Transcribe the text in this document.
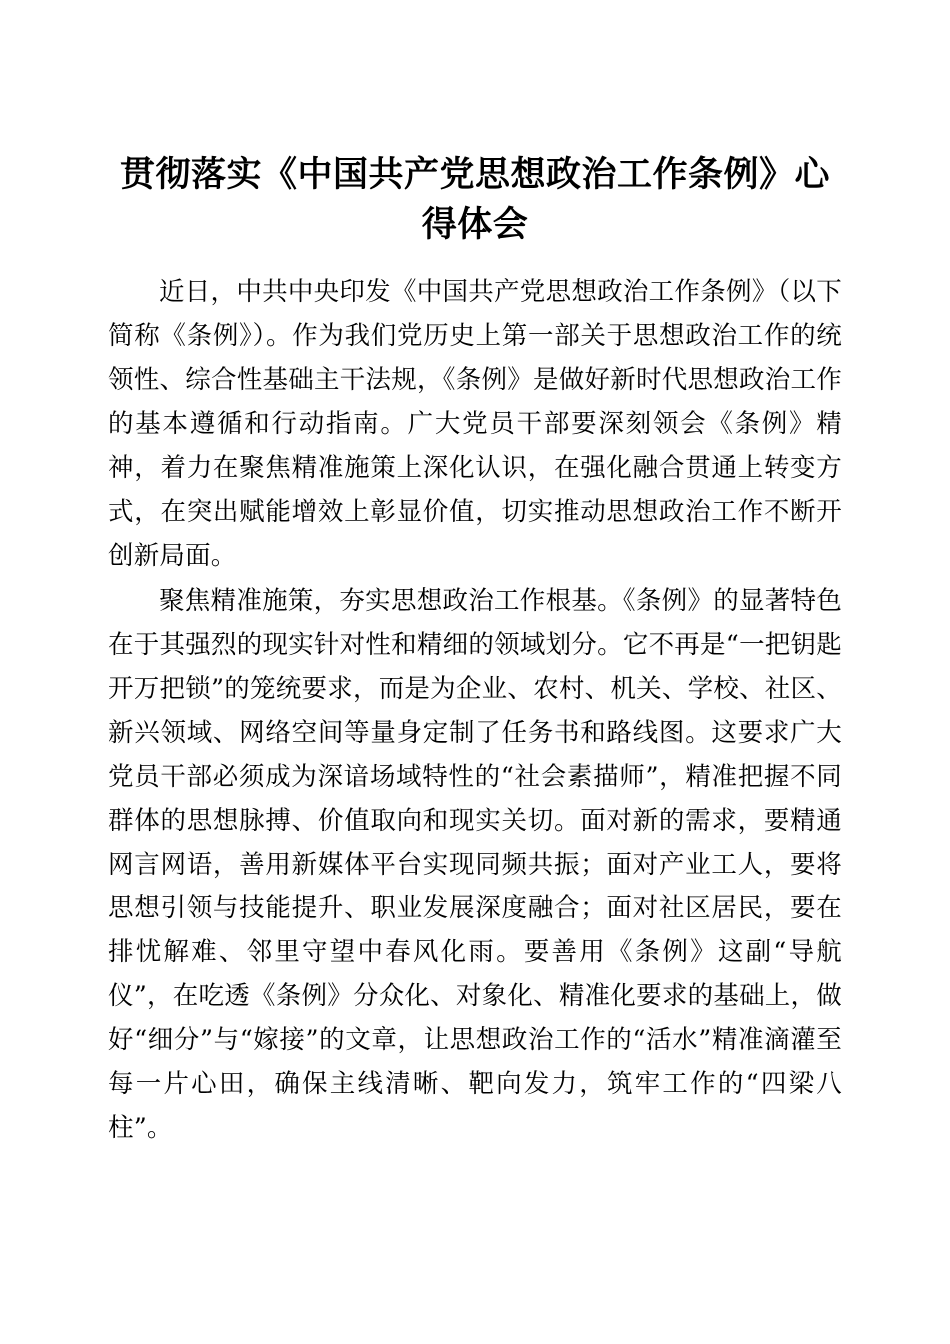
贯彻落实《中国共产党思想政治工作条例》心得体会

近日，中共中央印发《中国共产党思想政治工作条例》（以下简称《条例》）。作为我们党历史上第一部关于思想政治工作的统领性、综合性基础主干法规，《条例》是做好新时代思想政治工作的基本遵循和行动指南。广大党员干部要深刻领会《条例》精神，着力在聚焦精准施策上深化认识，在强化融合贯通上转变方式，在突出赋能增效上彰显价值，切实推动思想政治工作不断开创新局面。

聚焦精准施策，夯实思想政治工作根基。《条例》的显著特色在于其强烈的现实针对性和精细的领域划分。它不再是“一把钥匙开万把锁”的笼统要求，而是为企业、农村、机关、学校、社区、新兴领域、网络空间等量身定制了任务书和路线图。这要求广大党员干部必须成为深谙场域特性的“社会素描师”，精准把握不同群体的思想脉搏、价值取向和现实关切。面对新的需求，要精通网言网语，善用新媒体平台实现同频共振；面对产业工人，要将思想引领与技能提升、职业发展深度融合；面对社区居民，要在排忧解难、邻里守望中春风化雨。要善用《条例》这副“导航仪”，在吃透《条例》分众化、对象化、精准化要求的基础上，做好“细分”与“嫁接”的文章，让思想政治工作的“活水”精准滴灌至每一片心田，确保主线清晰、靶向发力，筑牢工作的“四梁八柱”。
